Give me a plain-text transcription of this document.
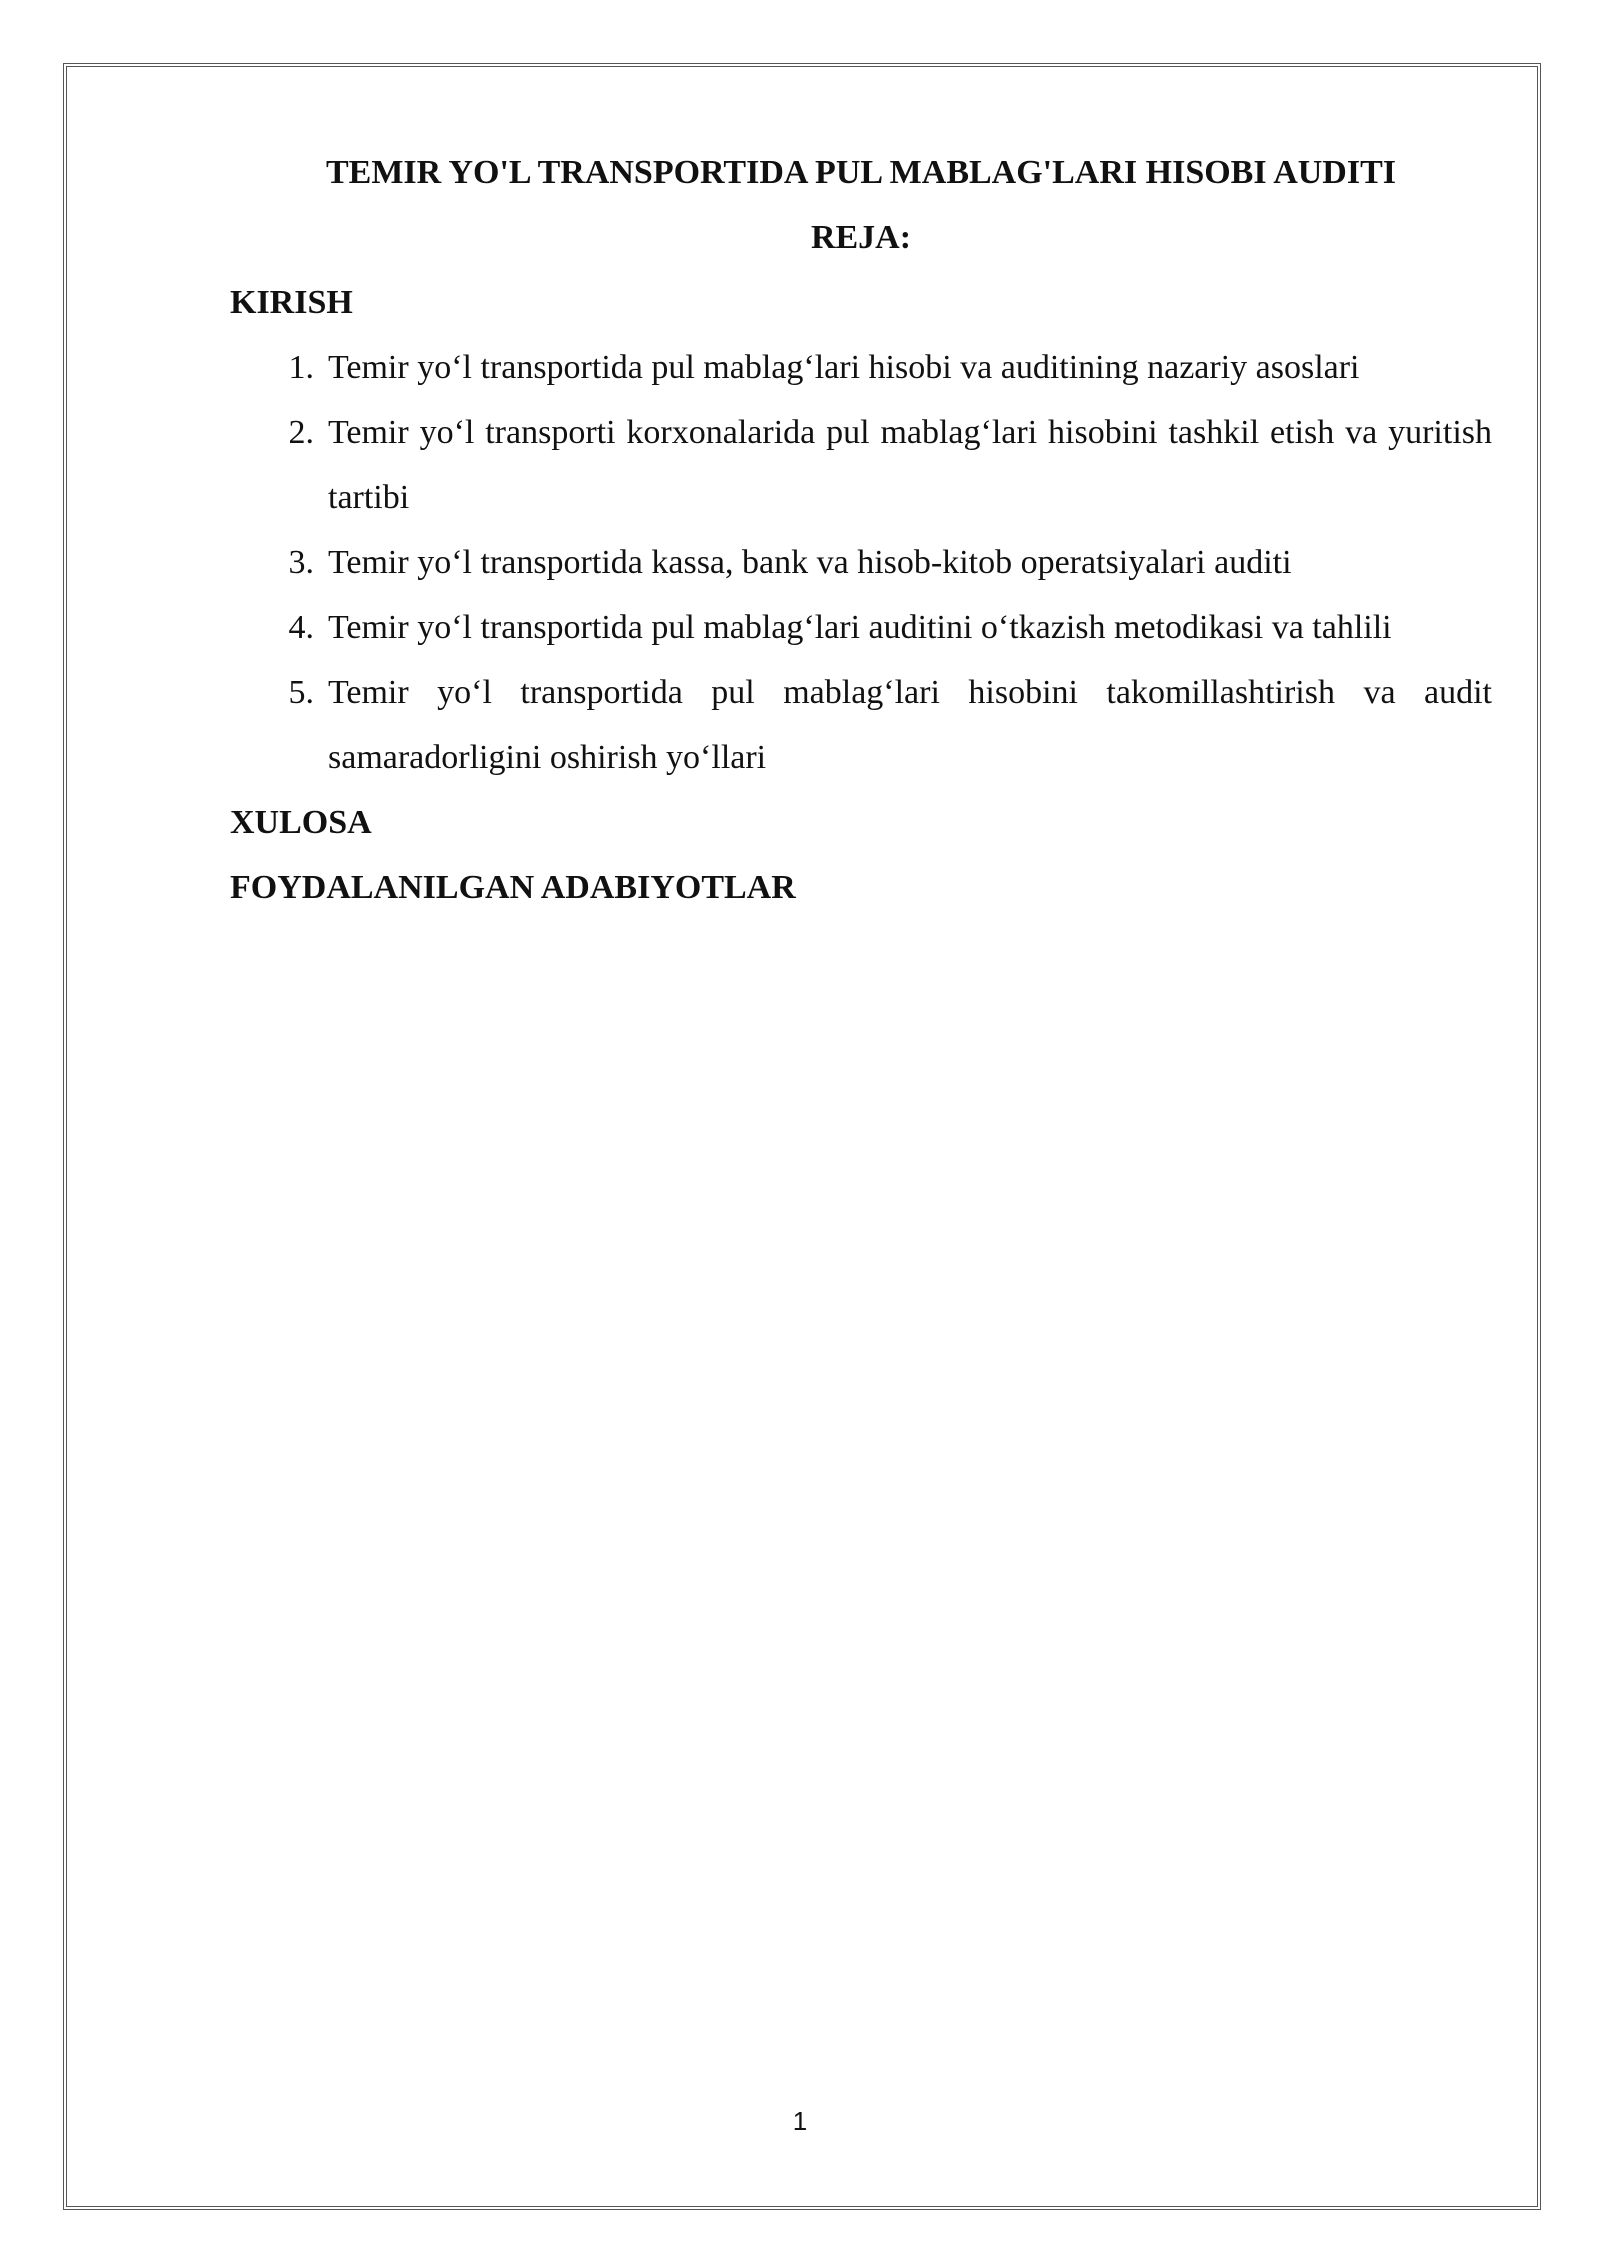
TEMIR YO'L TRANSPORTIDA PUL MABLAG'LARI HISOBI AUDITI
REJA:
KIRISH
1. Temir yo‘l transportida pul mablag‘lari hisobi va auditining nazariy asoslari
2. Temir yo‘l transporti korxonalarida pul mablag‘lari hisobini tashkil etish va yuritish tartibi
3. Temir yo‘l transportida kassa, bank va hisob-kitob operatsiyalari auditi
4. Temir yo‘l transportida pul mablag‘lari auditini o‘tkazish metodikasi va tahlili
5. Temir yo‘l transportida pul mablag‘lari hisobini takomillashtirish va audit samaradorligini oshirish yo‘llari
XULOSA
FOYDALANILGAN ADABIYOTLAR
1
